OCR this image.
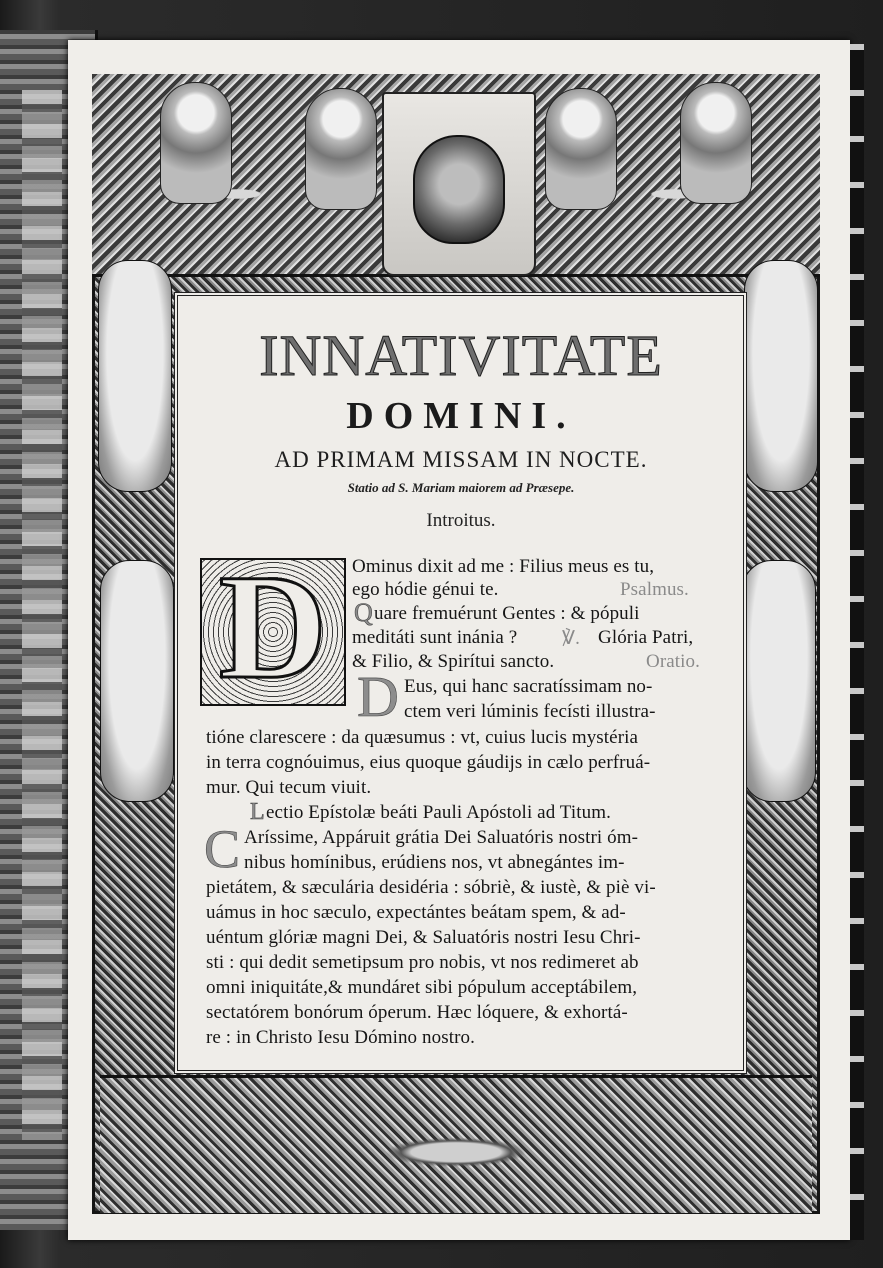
INNATIVITATE
DOMINI.
AD PRIMAM MISSAM IN NOCTE.
Statio ad S. Mariam maiorem ad Præsepe.
Introitus.
D	Ominus dixit ad me : Filius meus es tu,
ego hódie génui te.	Psalmus.
Q uare fremuérunt Gentes : & pópuli
meditáti sunt inánia ? ℣. Glória Patri,
& Filio, & Spirítui sancto.	Oratio.
D Eus, qui hanc sacratíssimam no-
ctem veri lúminis fecísti illustra-
tióne clarescere : da quæsumus : vt, cuius lucis mystéria
in terra cognóuimus, eius quoque gáudijs in cælo perfruá-
mur. Qui tecum viuit.
L ectio Epístolæ beáti Pauli Apóstoli ad Titum.
C Aríssime, Appáruit grátia Dei Saluatóris nostri óm-
nibus homínibus, erúdiens nos, vt abnegántes im-
pietátem, & sæculária desidéria : sóbriè, & iustè, & piè vi-
uámus in hoc sæculo, expectántes beátam spem, & ad-
uéntum glóriæ magni Dei, & Saluatóris nostri Iesu Chri-
sti : qui dedit semetipsum pro nobis, vt nos redimeret ab
omni iniquitáte,& mundáret sibi pópulum acceptábilem,
sectatórem bonórum óperum. Hæc lóquere, & exhortá-
re : in Christo Iesu Dómino nostro.
